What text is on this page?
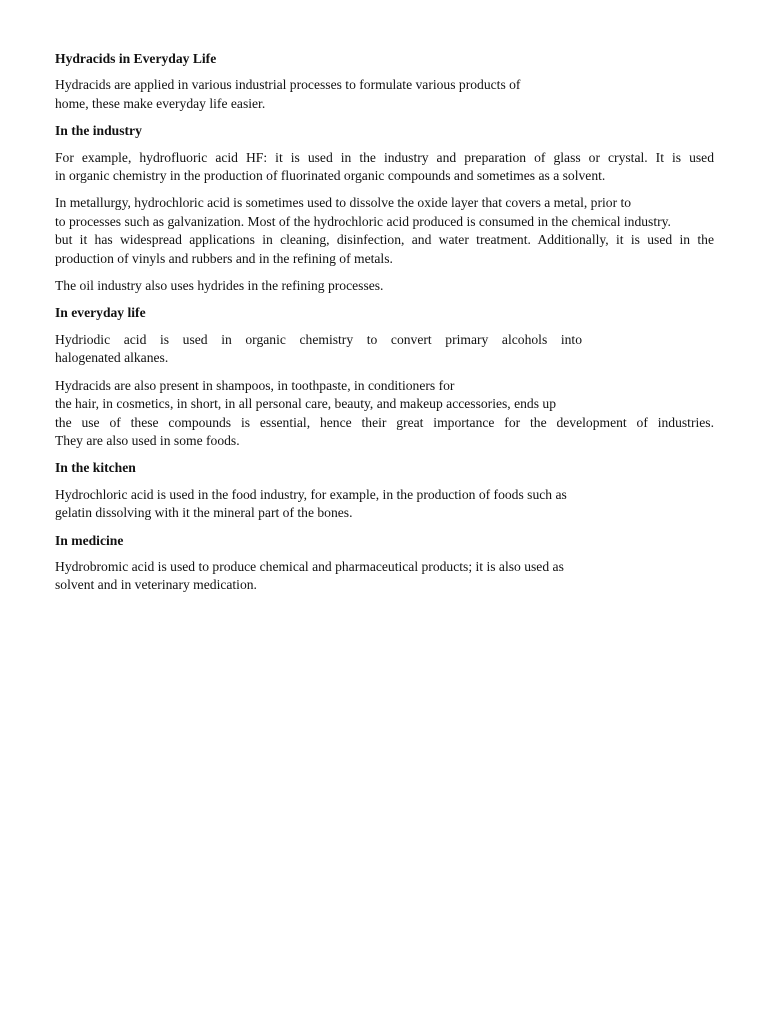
Hydracids in Everyday Life
Hydracids are applied in various industrial processes to formulate various products of
home, these make everyday life easier.
In the industry
For example, hydrofluoric acid HF: it is used in the industry and preparation of glass or crystal. It is used
in organic chemistry in the production of fluorinated organic compounds and sometimes as a solvent.
In metallurgy, hydrochloric acid is sometimes used to dissolve the oxide layer that covers a metal, prior to
to processes such as galvanization. Most of the hydrochloric acid produced is consumed in the chemical industry.
but it has widespread applications in cleaning, disinfection, and water treatment. Additionally, it is used in the
production of vinyls and rubbers and in the refining of metals.
The oil industry also uses hydrides in the refining processes.
In everyday life
Hydriodic acid is used in organic chemistry to convert primary alcohols into
halogenated alkanes.
Hydracids are also present in shampoos, in toothpaste, in conditioners for
the hair, in cosmetics, in short, in all personal care, beauty, and makeup accessories, ends up
the use of these compounds is essential, hence their great importance for the development of industries.
They are also used in some foods.
In the kitchen
Hydrochloric acid is used in the food industry, for example, in the production of foods such as
gelatin dissolving with it the mineral part of the bones.
In medicine
Hydrobromic acid is used to produce chemical and pharmaceutical products; it is also used as
solvent and in veterinary medication.
